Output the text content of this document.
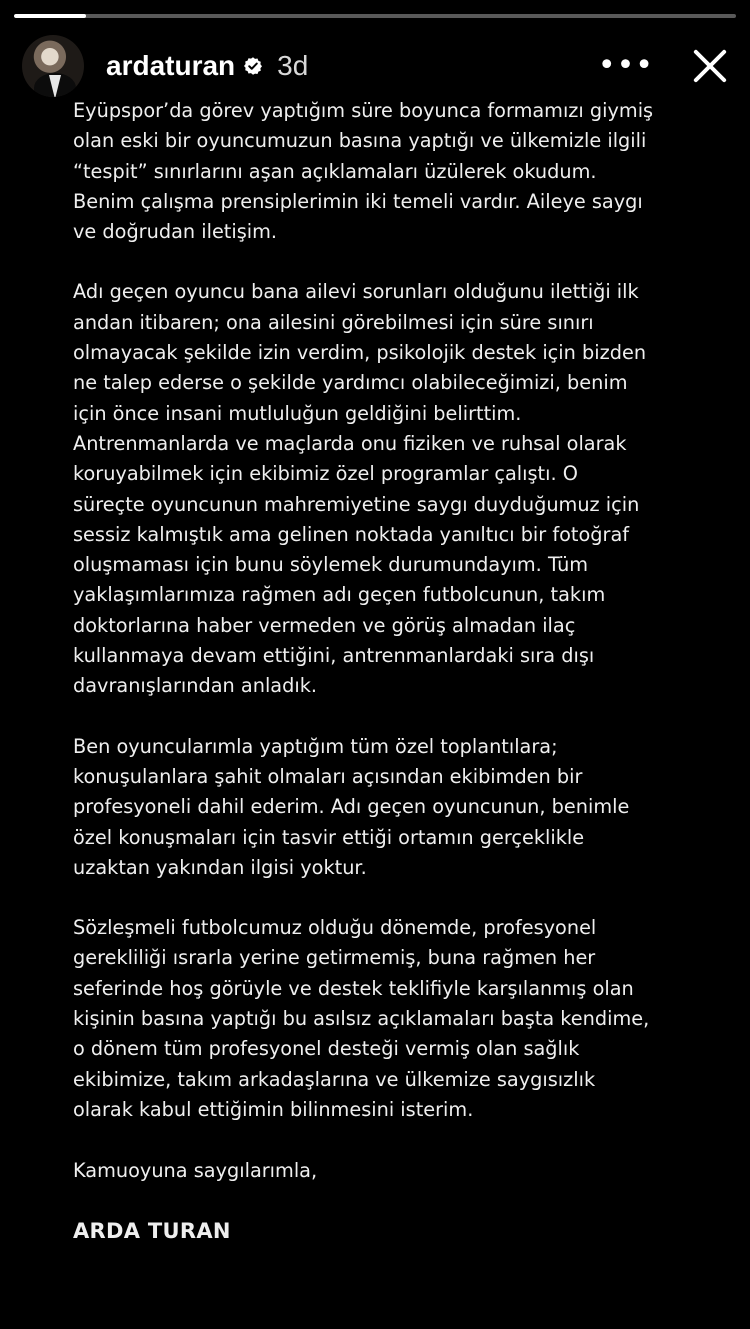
ardaturan 3d	•••
Eyüpspor’da görev yaptığım süre boyunca formamızı giymiş
olan eski bir oyuncumuzun basına yaptığı ve ülkemizle ilgili
“tespit” sınırlarını aşan açıklamaları üzülerek okudum.
Benim çalışma prensiplerimin iki temeli vardır. Aileye saygı
ve doğrudan iletişim.
Adı geçen oyuncu bana ailevi sorunları olduğunu ilettiği ilk
andan itibaren; ona ailesini görebilmesi için süre sınırı
olmayacak şekilde izin verdim, psikolojik destek için bizden
ne talep ederse o şekilde yardımcı olabileceğimizi, benim
için önce insani mutluluğun geldiğini belirttim.
Antrenmanlarda ve maçlarda onu fiziken ve ruhsal olarak
koruyabilmek için ekibimiz özel programlar çalıştı. O
süreçte oyuncunun mahremiyetine saygı duyduğumuz için
sessiz kalmıştık ama gelinen noktada yanıltıcı bir fotoğraf
oluşmaması için bunu söylemek durumundayım. Tüm
yaklaşımlarımıza rağmen adı geçen futbolcunun, takım
doktorlarına haber vermeden ve görüş almadan ilaç
kullanmaya devam ettiğini, antrenmanlardaki sıra dışı
davranışlarından anladık.
Ben oyuncularımla yaptığım tüm özel toplantılara;
konuşulanlara şahit olmaları açısından ekibimden bir
profesyoneli dahil ederim. Adı geçen oyuncunun, benimle
özel konuşmaları için tasvir ettiği ortamın gerçeklikle
uzaktan yakından ilgisi yoktur.
Sözleşmeli futbolcumuz olduğu dönemde, profesyonel
gerekliliği ısrarla yerine getirmemiş, buna rağmen her
seferinde hoş görüyle ve destek teklifiyle karşılanmış olan
kişinin basına yaptığı bu asılsız açıklamaları başta kendime,
o dönem tüm profesyonel desteği vermiş olan sağlık
ekibimize, takım arkadaşlarına ve ülkemize saygısızlık
olarak kabul ettiğimin bilinmesini isterim.
Kamuoyuna saygılarımla,
ARDA TURAN
